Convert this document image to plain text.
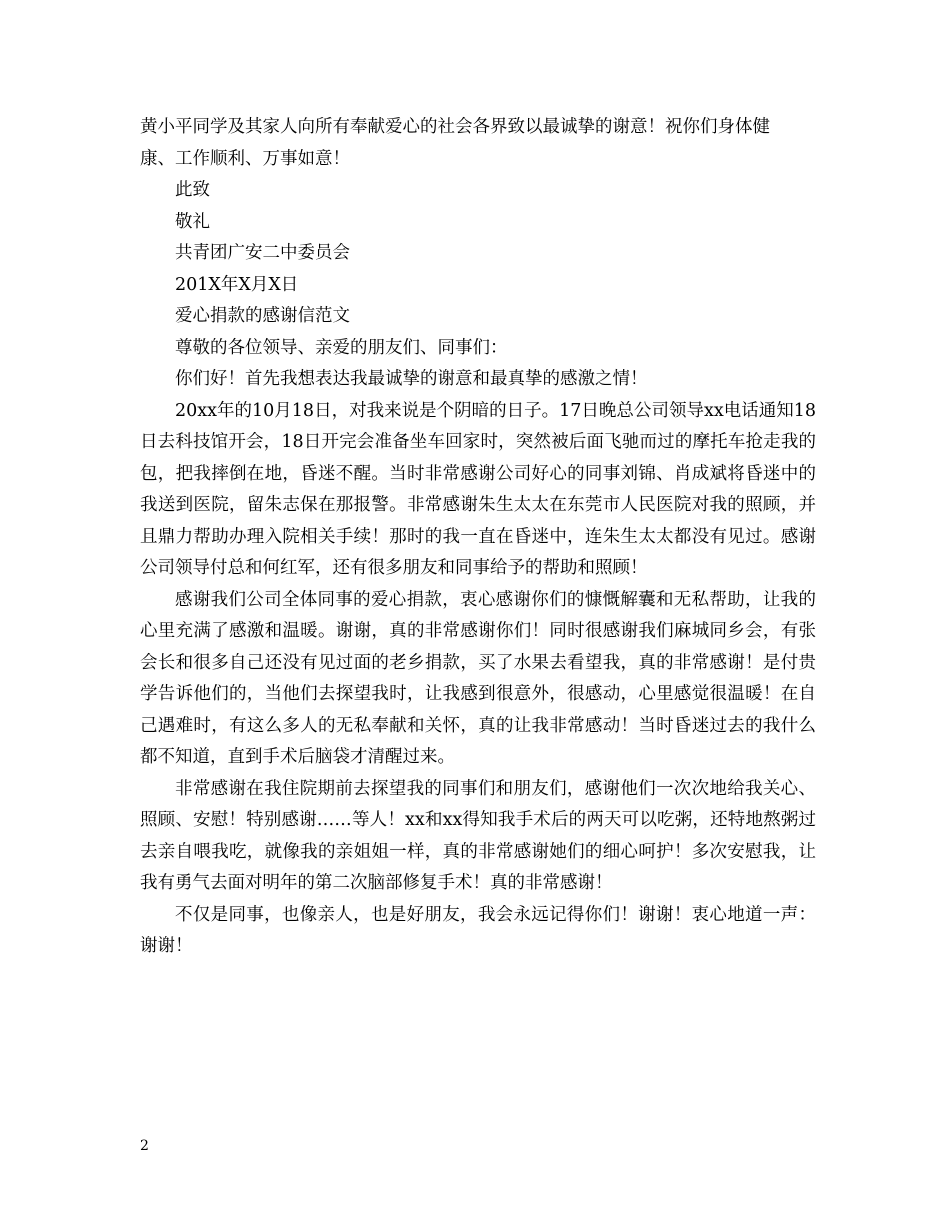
黄小平同学及其家人向所有奉献爱心的社会各界致以最诚挚的谢意！祝你们身体健

康、工作顺利、万事如意！

此致

敬礼

共青团广安二中委员会

201X年X月X日

爱心捐款的感谢信范文

尊敬的各位领导、亲爱的朋友们、同事们：

你们好！首先我想表达我最诚挚的谢意和最真挚的感激之情！

20xx年的10月18日，对我来说是个阴暗的日子。17日晚总公司领导xx电话通知18日去科技馆开会，18日开完会准备坐车回家时，突然被后面飞驰而过的摩托车抢走我的包，把我摔倒在地，昏迷不醒。当时非常感谢公司好心的同事刘锦、肖成斌将昏迷中的我送到医院，留朱志保在那报警。非常感谢朱生太太在东莞市人民医院对我的照顾，并且鼎力帮助办理入院相关手续！那时的我一直在昏迷中，连朱生太太都没有见过。感谢公司领导付总和何红军，还有很多朋友和同事给予的帮助和照顾！

感谢我们公司全体同事的爱心捐款，衷心感谢你们的慷慨解囊和无私帮助，让我的心里充满了感激和温暖。谢谢，真的非常感谢你们！同时很感谢我们麻城同乡会，有张会长和很多自己还没有见过面的老乡捐款，买了水果去看望我，真的非常感谢！是付贵学告诉他们的，当他们去探望我时，让我感到很意外，很感动，心里感觉很温暖！在自己遇难时，有这么多人的无私奉献和关怀，真的让我非常感动！当时昏迷过去的我什么都不知道，直到手术后脑袋才清醒过来。

非常感谢在我住院期前去探望我的同事们和朋友们，感谢他们一次次地给我关心、照顾、安慰！特别感谢……等人！xx和xx得知我手术后的两天可以吃粥，还特地熬粥过去亲自喂我吃，就像我的亲姐姐一样，真的非常感谢她们的细心呵护！多次安慰我，让我有勇气去面对明年的第二次脑部修复手术！真的非常感谢！

不仅是同事，也像亲人，也是好朋友，我会永远记得你们！谢谢！衷心地道一声：谢谢！

2
